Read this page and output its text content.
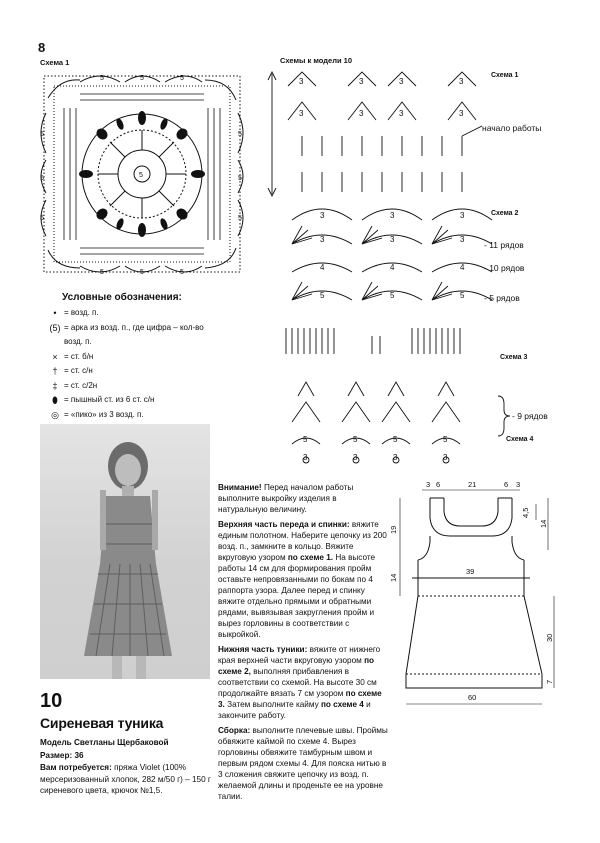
8
Схема 1	Схемы к модели 10
5	5	5
5	5	5
5
5
5
5
5
5
5
3	3	3	3
3	3	3	3
3	3	3
3	3	3
4	4	4
5	5	5
5	5	5	5
3	3	3	3
Схема 1
начало работы
Схема 2
- 11 рядов
- 10 рядов
- 5 рядов
Схема 3
- 9 рядов
Схема 4
Условные обозначения:
• = возд. п.
(5) = арка из возд. п., где цифра – кол-во возд. п.
× = ст. б/н
† = ст. с/н
‡ = ст. с/2н
⬮ = пышный ст. из 6 ст. с/н
◎ = «пико» из 3 возд. п.
10
Сиреневая туника

Модель Светланы Щербаковой

Размер: 36

Вам потребуется: пряжа Violet (100% мерсеризованный хлопок, 282 м/50 г) – 150 г сиреневого цвета, крючок №1,5.

Внимание! Перед началом работы выполните выкройку изделия в натуральную величину.

Верхняя часть переда и спинки: вяжите единым полотном. Наберите цепочку из 200 возд. п., замкните в кольцо. Вяжите вкруговую узором по схеме 1. На высоте работы 14 см для формирования пройм оставьте непровязанными по бокам по 4 раппорта узора. Далее перед и спинку вяжите отдельно прямыми и обратными рядами, вывязывая закругления пройм и вырез горловины в соответствии с выкройкой.

Нижняя часть туники: вяжите от нижнего края верхней части вкруговую узором по схеме 2, выполняя прибавления в соответствии со схемой. На высоте 30 см продолжайте вязать 7 см узором по схеме 3. Затем выполните кайму по схеме 4 и закончите работу.

Сборка: выполните плечевые швы. Проймы обвяжите каймой по схеме 4. Вырез горловины обвяжите тамбурным швом и первым рядом схемы 4. Для пояска нитью в 3 сложения свяжите цепочку из возд. п. желаемой длины и проденьте ее на уровне талии.

3 6	21	6 3
4,5
19
14
14
39
30
7
60
